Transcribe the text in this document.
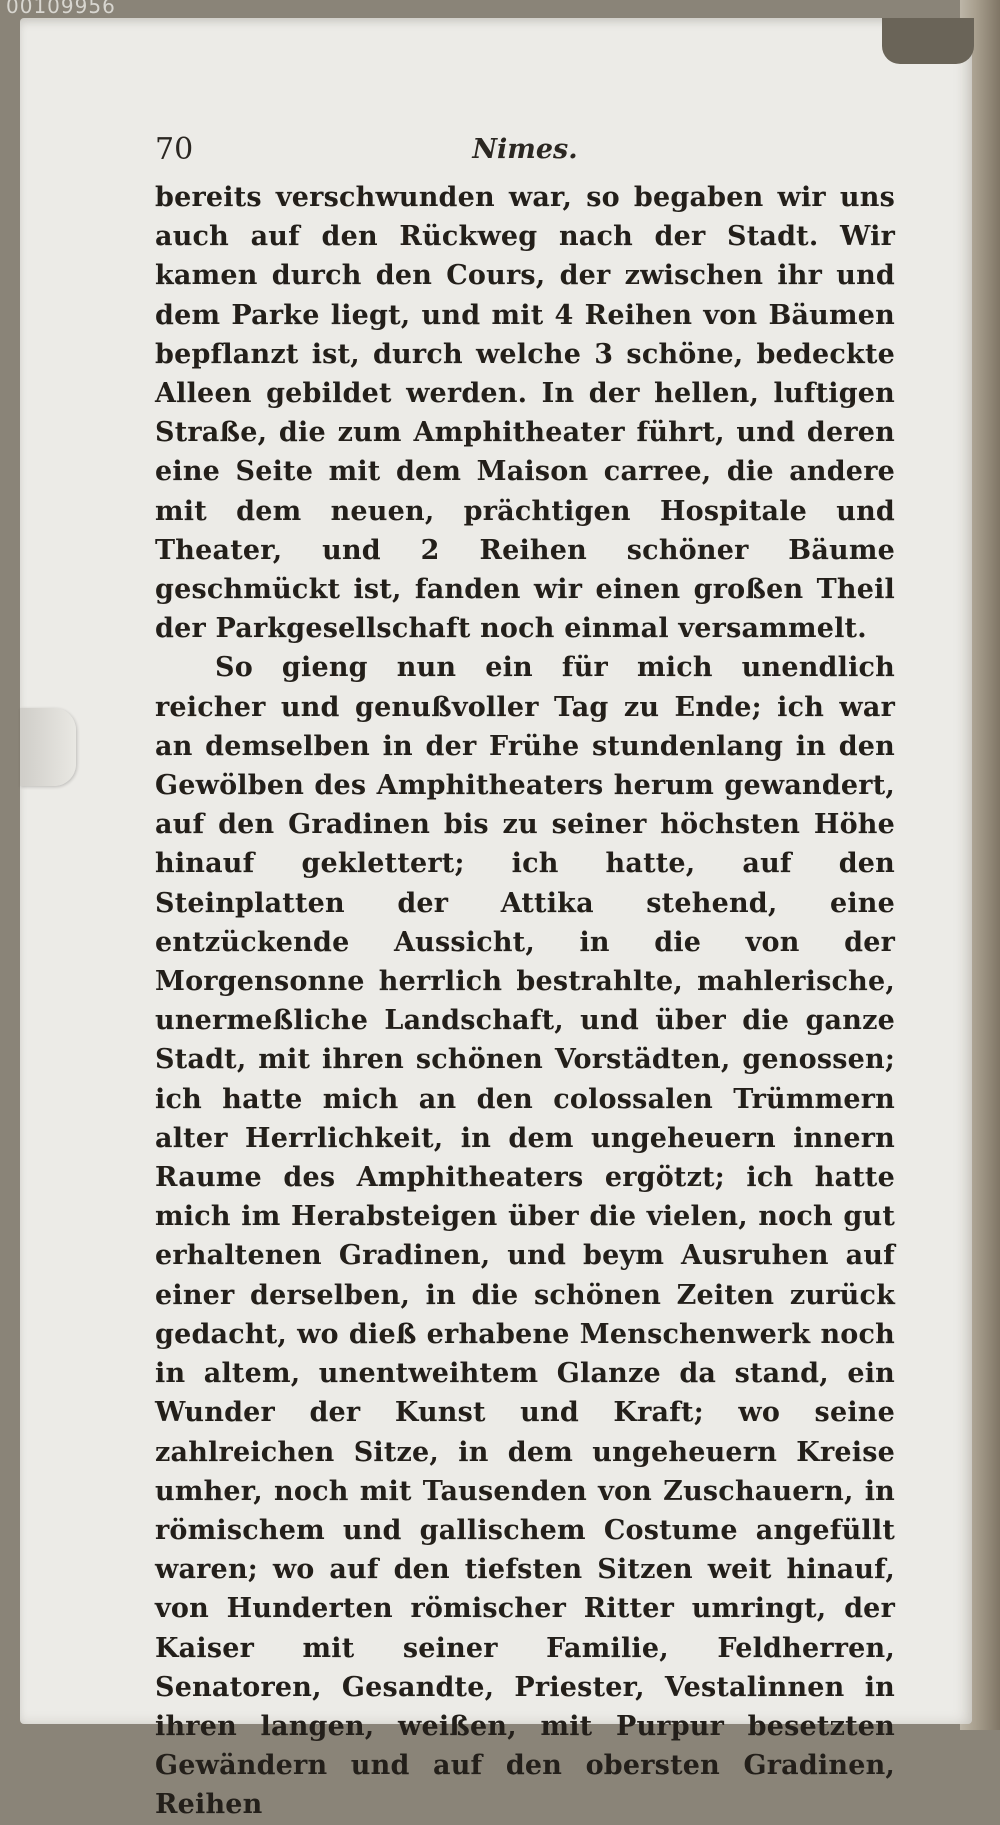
00109956
70	Nimes.

bereits verschwunden war, so begaben wir uns auch auf den Rückweg nach der Stadt. Wir kamen durch den Cours, der zwischen ihr und dem Parke liegt, und mit 4 Reihen von Bäumen bepflanzt ist, durch welche 3 schöne, bedeckte Alleen gebildet werden. In der hellen, luftigen Straße, die zum Amphitheater führt, und deren eine Seite mit dem Maison carree, die andere mit dem neuen, prächtigen Hospitale und Theater, und 2 Reihen schöner Bäume geschmückt ist, fanden wir einen großen Theil der Parkgesellschaft noch einmal versammelt.

So gieng nun ein für mich unendlich reicher und genußvoller Tag zu Ende; ich war an demselben in der Frühe stundenlang in den Gewölben des Amphitheaters herum gewandert, auf den Gradinen bis zu seiner höchsten Höhe hinauf geklettert; ich hatte, auf den Steinplatten der Attika stehend, eine entzückende Aussicht, in die von der Morgensonne herrlich bestrahlte, mahlerische, unermeßliche Landschaft, und über die ganze Stadt, mit ihren schönen Vorstädten, genossen; ich hatte mich an den colossalen Trümmern alter Herrlichkeit, in dem ungeheuern innern Raume des Amphitheaters ergötzt; ich hatte mich im Herabsteigen über die vielen, noch gut erhaltenen Gradinen, und beym Ausruhen auf einer derselben, in die schönen Zeiten zurück gedacht, wo dieß erhabene Menschenwerk noch in altem, unentweihtem Glanze da stand, ein Wunder der Kunst und Kraft; wo seine zahlreichen Sitze, in dem ungeheuern Kreise umher, noch mit Tausenden von Zuschauern, in römischem und gallischem Costume angefüllt waren; wo auf den tiefsten Sitzen weit hinauf, von Hunderten römischer Ritter umringt, der Kaiser mit seiner Familie, Feldherren, Senatoren, Gesandte, Priester, Vestalinnen in ihren langen, weißen, mit Purpur besetzten Gewändern und auf den obersten Gradinen, Reihen
